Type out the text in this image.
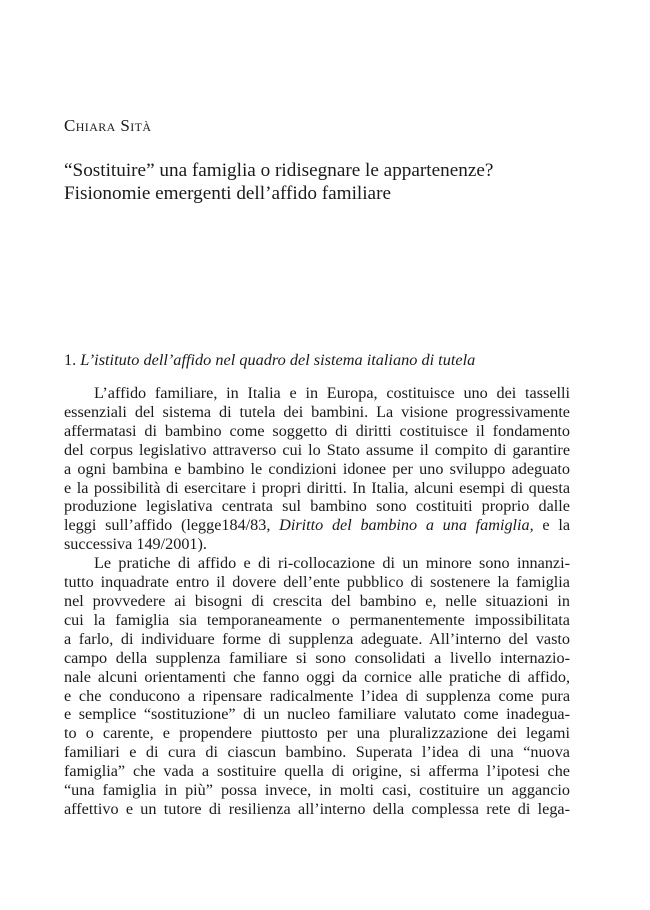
Chiara Sità
“Sostituire” una famiglia o ridisegnare le appartenenze?
Fisionomie emergenti dell’affido familiare
1. L’istituto dell’affido nel quadro del sistema italiano di tutela
L’affido familiare, in Italia e in Europa, costituisce uno dei tasselli
essenziali del sistema di tutela dei bambini. La visione progressivamente
affermatasi di bambino come soggetto di diritti costituisce il fondamento
del corpus legislativo attraverso cui lo Stato assume il compito di garantire
a ogni bambina e bambino le condizioni idonee per uno sviluppo adeguato
e la possibilità di esercitare i propri diritti. In Italia, alcuni esempi di questa
produzione legislativa centrata sul bambino sono costituiti proprio dalle
leggi sull’affido (legge184/83, Diritto del bambino a una famiglia, e la
successiva 149/2001).
Le pratiche di affido e di ri-collocazione di un minore sono innanzi-
tutto inquadrate entro il dovere dell’ente pubblico di sostenere la famiglia
nel provvedere ai bisogni di crescita del bambino e, nelle situazioni in
cui la famiglia sia temporaneamente o permanentemente impossibilitata
a farlo, di individuare forme di supplenza adeguate. All’interno del vasto
campo della supplenza familiare si sono consolidati a livello internazio-
nale alcuni orientamenti che fanno oggi da cornice alle pratiche di affido,
e che conducono a ripensare radicalmente l’idea di supplenza come pura
e semplice “sostituzione” di un nucleo familiare valutato come inadegua-
to o carente, e propendere piuttosto per una pluralizzazione dei legami
familiari e di cura di ciascun bambino. Superata l’idea di una “nuova
famiglia” che vada a sostituire quella di origine, si afferma l’ipotesi che
“una famiglia in più” possa invece, in molti casi, costituire un aggancio
affettivo e un tutore di resilienza all’interno della complessa rete di lega-
